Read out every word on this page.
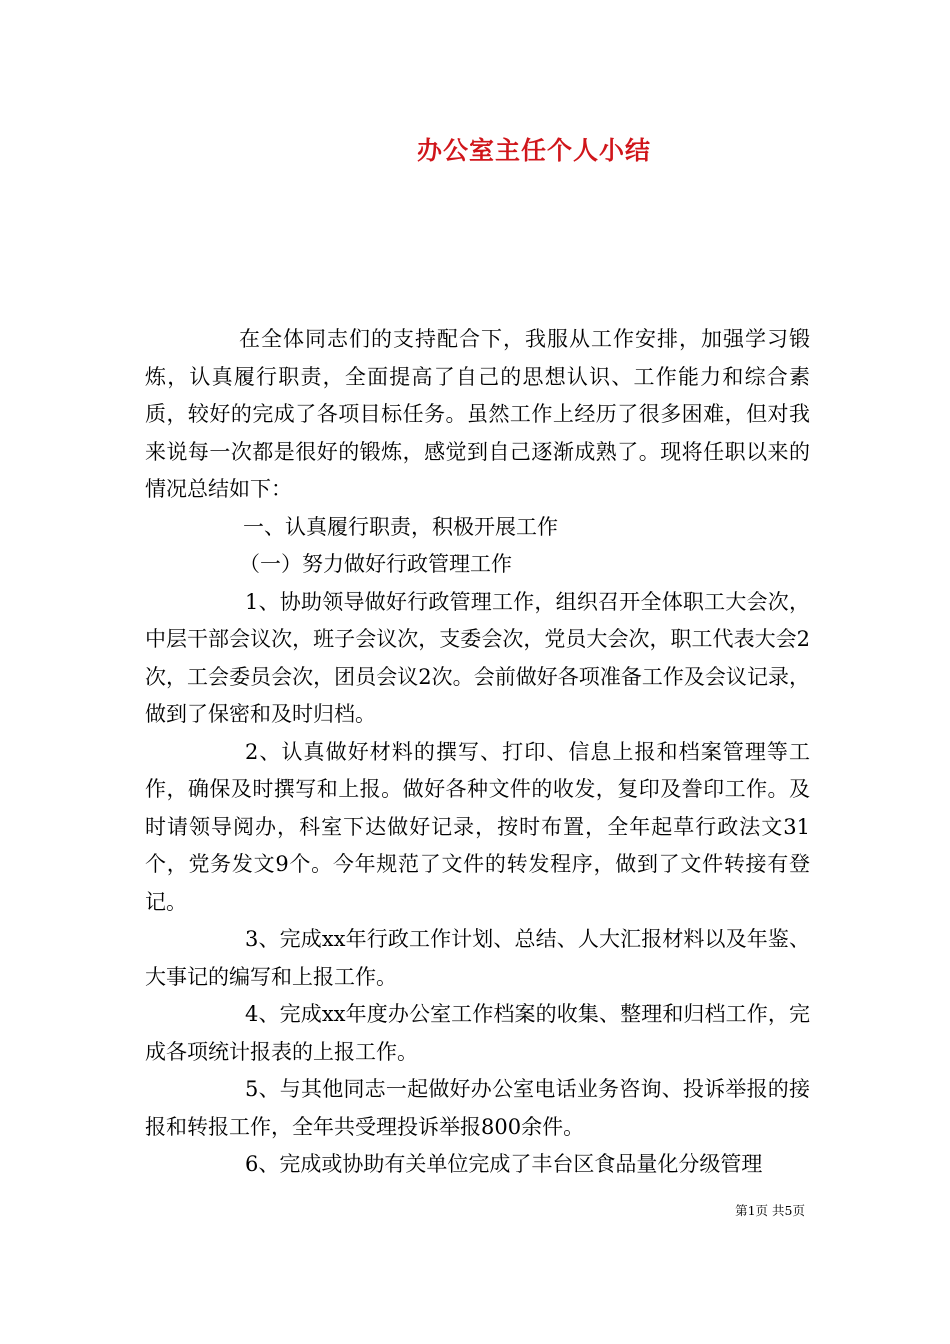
办公室主任个人小结

在全体同志们的支持配合下，我服从工作安排，加强学习锻炼，认真履行职责，全面提高了自己的思想认识、工作能力和综合素质，较好的完成了各项目标任务。虽然工作上经历了很多困难，但对我来说每一次都是很好的锻炼，感觉到自己逐渐成熟了。现将任职以来的情况总结如下：

一、认真履行职责，积极开展工作

（一）努力做好行政管理工作

1、协助领导做好行政管理工作，组织召开全体职工大会次，中层干部会议次，班子会议次，支委会次，党员大会次，职工代表大会2次，工会委员会次，团员会议2次。会前做好各项准备工作及会议记录，做到了保密和及时归档。

2、认真做好材料的撰写、打印、信息上报和档案管理等工作，确保及时撰写和上报。做好各种文件的收发，复印及誊印工作。及时请领导阅办，科室下达做好记录，按时布置，全年起草行政法文31个，党务发文9个。今年规范了文件的转发程序，做到了文件转接有登记。

3、完成xx年行政工作计划、总结、人大汇报材料以及年鉴、大事记的编写和上报工作。

4、完成xx年度办公室工作档案的收集、整理和归档工作，完成各项统计报表的上报工作。

5、与其他同志一起做好办公室电话业务咨询、投诉举报的接报和转报工作，全年共受理投诉举报800余件。

6、完成或协助有关单位完成了丰台区食品量化分级管理

第1页 共5页
